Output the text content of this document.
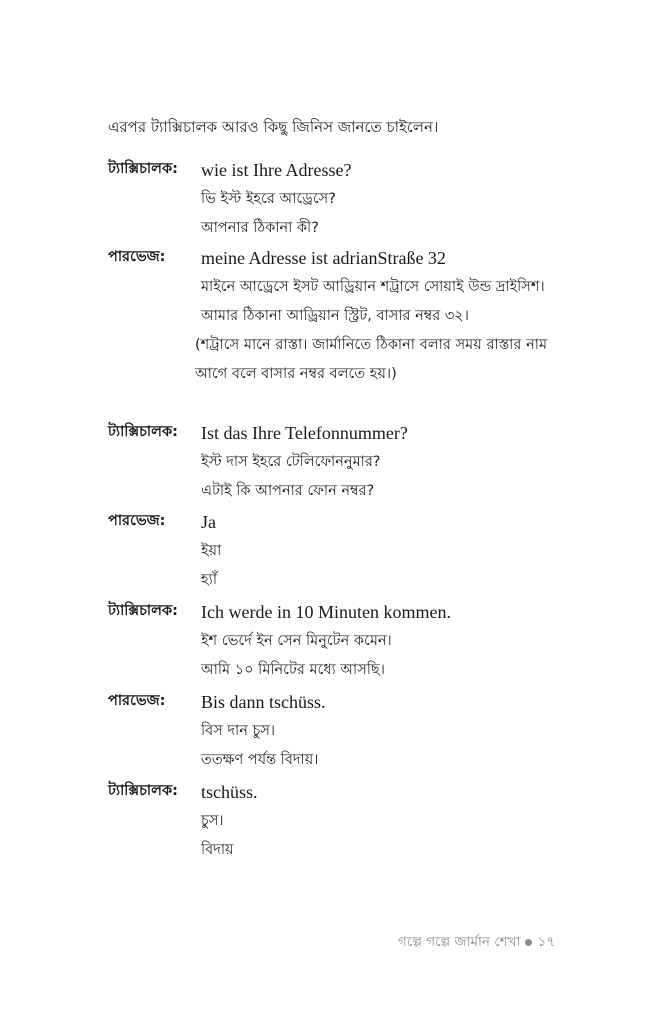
এরপর ট্যাক্সিচালক আরও কিছু জিনিস জানতে চাইলেন।
ট্যাক্সিচালক: wie ist Ihre Adresse?
ভি ইস্ট ইহরে আড্রেসে?
আপনার ঠিকানা কী?
পারভেজ: meine Adresse ist adrianStraße 32
মাইনে আড্রেসে ইসট আড্রিয়ান শট্রাসে সোয়াই উন্ড দ্রাইসিশ।
আমার ঠিকানা আড্রিয়ান স্ট্রিট, বাসার নম্বর ৩২।
(শট্রাসে মানে রাস্তা। জার্মানিতে ঠিকানা বলার সময় রাস্তার নাম আগে বলে বাসার নম্বর বলতে হয়।)
ট্যাক্সিচালক: Ist das Ihre Telefonnummer?
ইস্ট দাস ইহরে টেলিফোননুমার?
এটাই কি আপনার ফোন নম্বর?
পারভেজ: Ja
ইয়া
হ্যাঁ
ট্যাক্সিচালক: Ich werde in 10 Minuten kommen.
ইশ ভের্দে ইন সেন মিনুটেন কমেন।
আমি ১০ মিনিটের মধ্যে আসছি।
পারভেজ: Bis dann tschüss.
বিস দান চুস।
ততক্ষণ পর্যন্ত বিদায়।
ট্যাক্সিচালক: tschüss.
চুস।
বিদায়
গল্পে গল্পে জার্মান শেখা ১৭
